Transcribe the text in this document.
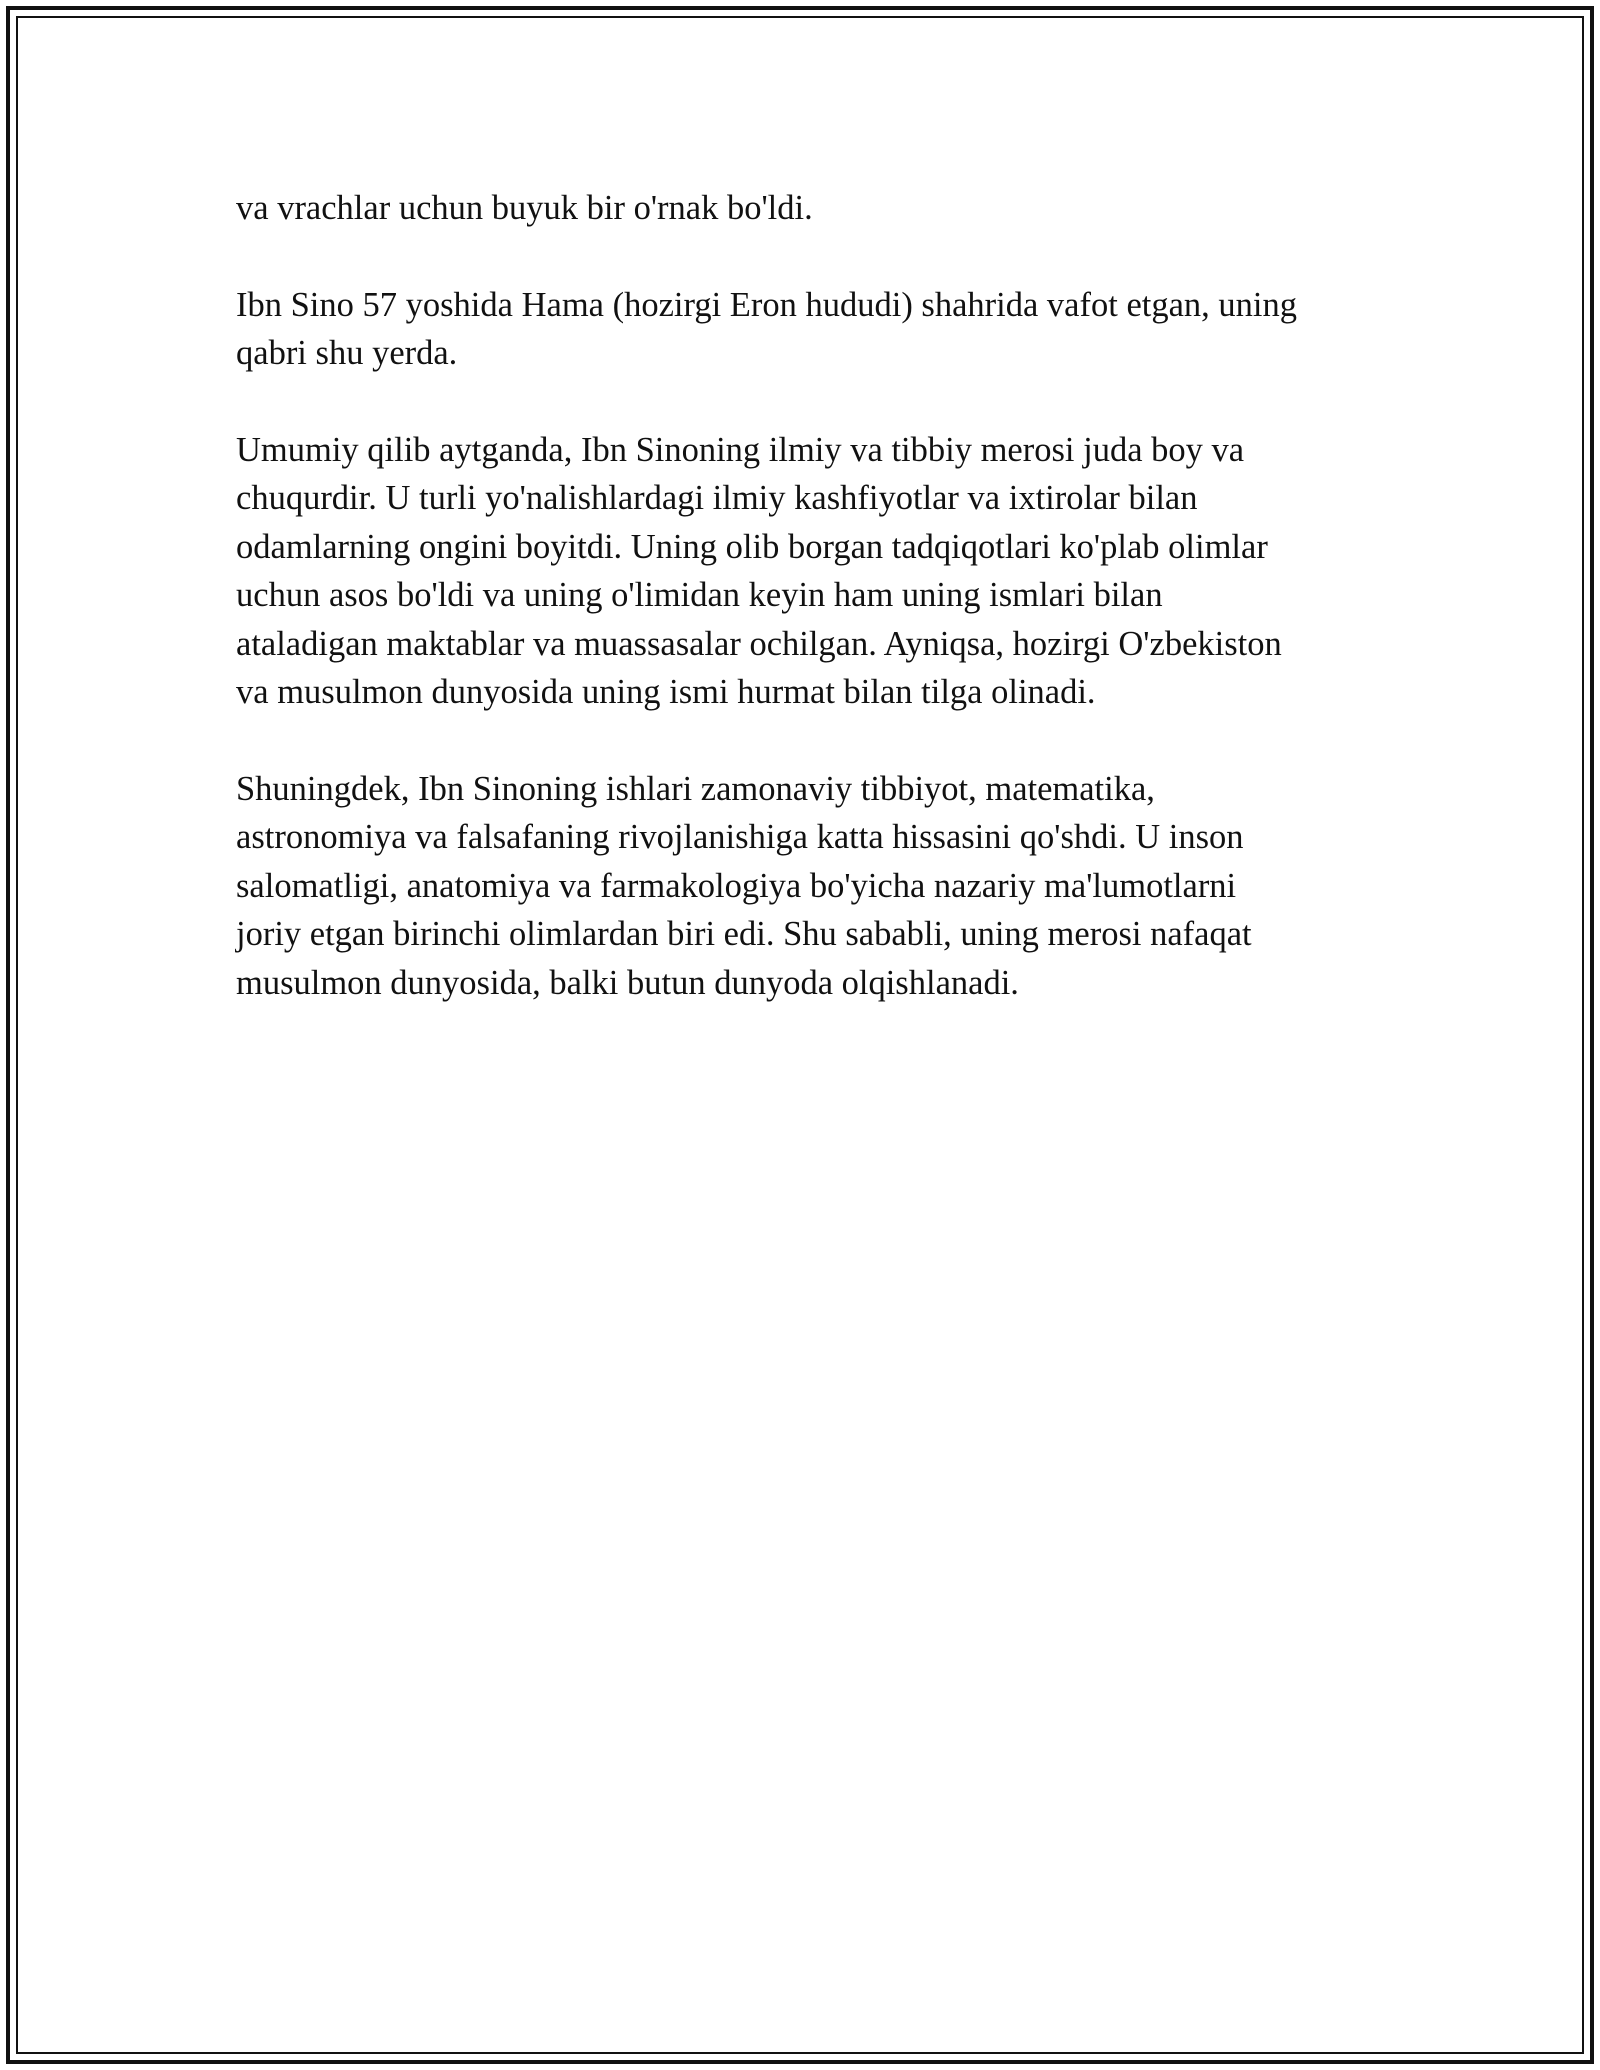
va vrachlar uchun buyuk bir o'rnak bo'ldi.

Ibn Sino 57 yoshida Hama (hozirgi Eron hududi) shahrida vafot etgan, uning
qabri shu yerda.

Umumiy qilib aytganda, Ibn Sinoning ilmiy va tibbiy merosi juda boy va
chuqurdir. U turli yo'nalishlardagi ilmiy kashfiyotlar va ixtirolar bilan
odamlarning ongini boyitdi. Uning olib borgan tadqiqotlari ko'plab olimlar
uchun asos bo'ldi va uning o'limidan keyin ham uning ismlari bilan
ataladigan maktablar va muassasalar ochilgan. Ayniqsa, hozirgi O'zbekiston
va musulmon dunyosida uning ismi hurmat bilan tilga olinadi.

Shuningdek, Ibn Sinoning ishlari zamonaviy tibbiyot, matematika,
astronomiya va falsafaning rivojlanishiga katta hissasini qo'shdi. U inson
salomatligi, anatomiya va farmakologiya bo'yicha nazariy ma'lumotlarni
joriy etgan birinchi olimlardan biri edi. Shu sababli, uning merosi nafaqat
musulmon dunyosida, balki butun dunyoda olqishlanadi.
